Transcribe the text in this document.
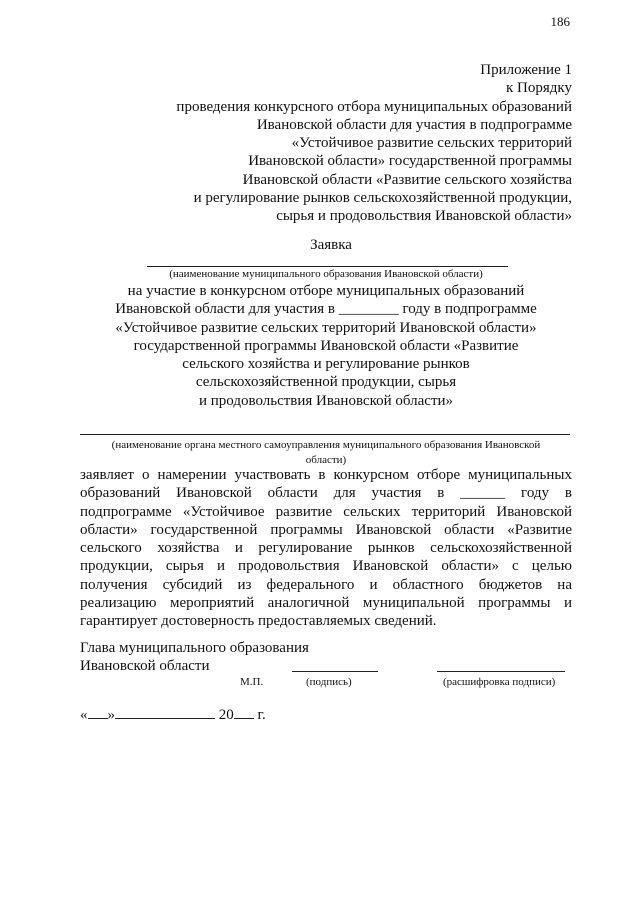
186
Приложение 1
к Порядку
проведения конкурсного отбора муниципальных образований
Ивановской области для участия в подпрограмме
«Устойчивое развитие сельских территорий
Ивановской области» государственной программы
Ивановской области «Развитие сельского хозяйства
и регулирование рынков сельскохозяйственной продукции,
сырья и продовольствия Ивановской области»
Заявка
(наименование муниципального образования Ивановской области)
на участие в конкурсном отборе муниципальных образований
Ивановской области для участия в ________ году в подпрограмме
«Устойчивое развитие сельских территорий Ивановской области»
государственной программы Ивановской области «Развитие
сельского хозяйства и регулирование рынков
сельскохозяйственной продукции, сырья
и продовольствия Ивановской области»
(наименование органа местного самоуправления муниципального образования Ивановской
области)
заявляет о намерении участвовать в конкурсном отборе муниципальных
образований Ивановской области для участия в ______ году в
подпрограмме «Устойчивое развитие сельских территорий Ивановской
области» государственной программы Ивановской области «Развитие
сельского хозяйства и регулирование рынков сельскохозяйственной
продукции, сырья и продовольствия Ивановской области» с целью
получения субсидий из федерального и областного бюджетов на
реализацию мероприятий аналогичной муниципальной программы и
гарантирует достоверность предоставляемых сведений.
Глава муниципального образования
Ивановской области
М.П.	(подпись)	(расшифровка подписи)
« »	20 г.
